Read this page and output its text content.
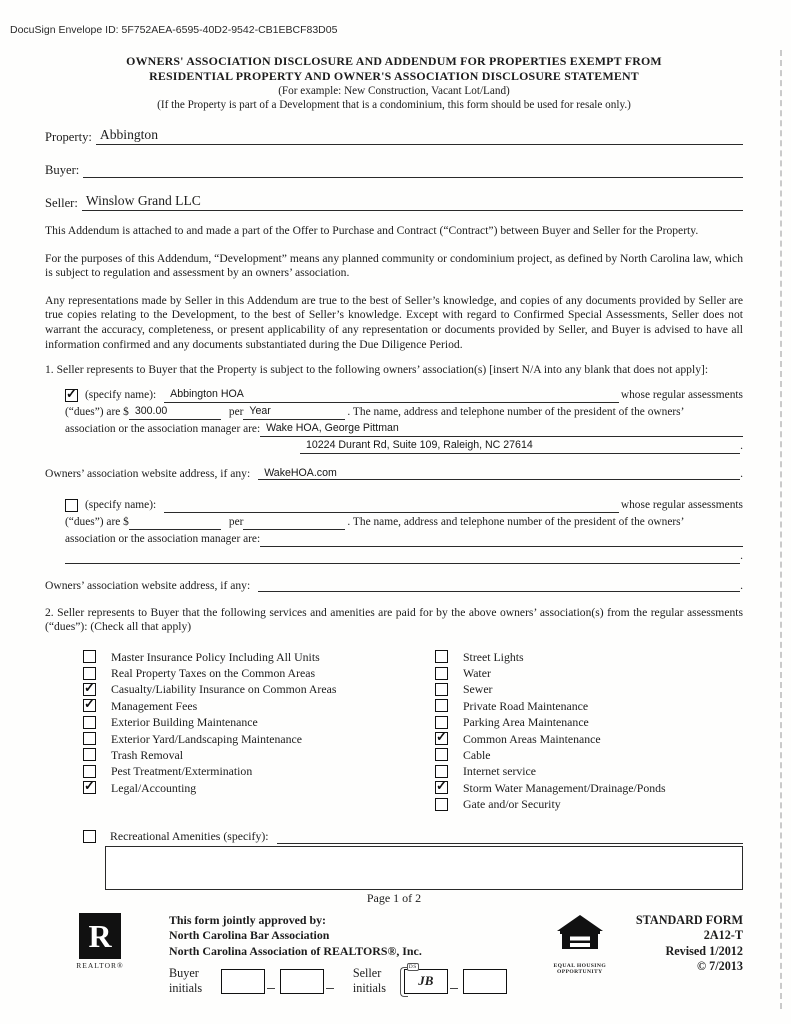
DocuSign Envelope ID: 5F752AEA-6595-40D2-9542-CB1EBCF83D05
OWNERS' ASSOCIATION DISCLOSURE AND ADDENDUM FOR PROPERTIES EXEMPT FROM
RESIDENTIAL PROPERTY AND OWNER'S ASSOCIATION DISCLOSURE STATEMENT
(For example: New Construction, Vacant Lot/Land)
(If the Property is part of a Development that is a condominium, this form should be used for resale only.)
Property: Abbington
Buyer:
Seller: Winslow Grand LLC
This Addendum is attached to and made a part of the Offer to Purchase and Contract (“Contract”) between Buyer and Seller for the Property.
For the purposes of this Addendum, “Development” means any planned community or condominium project, as defined by North Carolina law, which is subject to regulation and assessment by an owners’ association.
Any representations made by Seller in this Addendum are true to the best of Seller’s knowledge, and copies of any documents provided by Seller are true copies relating to the Development, to the best of Seller’s knowledge. Except with regard to Confirmed Special Assessments, Seller does not warrant the accuracy, completeness, or present applicability of any representation or documents provided by Seller, and Buyer is advised to have all information confirmed and any documents substantiated during the Due Diligence Period.
1. Seller represents to Buyer that the Property is subject to the following owners’ association(s) [insert N/A into any blank that does not apply]:
✓
(specify name):	Abbington HOA	whose regular assessments
(“dues”) are $ 300.00	per Year	. The name, address and telephone number of the president of the owners’
association or the association manager are: Wake HOA, George Pittman
10224 Durant Rd, Suite 109, Raleigh, NC 27614	.
Owners’ association website address, if any:	WakeHOA.com	.
(specify name):	whose regular assessments
(“dues”) are $	per	. The name, address and telephone number of the president of the owners’
association or the association manager are:
.
Owners’ association website address, if any:	.
2. Seller represents to Buyer that the following services and amenities are paid for by the above owners’ association(s) from the regular assessments (“dues”): (Check all that apply)
Master Insurance Policy Including All Units
Real Property Taxes on the Common Areas
✓
Casualty/Liability Insurance on Common Areas
✓
Management Fees
Exterior Building Maintenance
Exterior Yard/Landscaping Maintenance
Trash Removal
Pest Treatment/Extermination
✓
Legal/Accounting
Street Lights
Water
Sewer
Private Road Maintenance
Parking Area Maintenance
✓
Common Areas Maintenance
Cable
Internet service
✓
Storm Water Management/Drainage/Ponds
Gate and/or Security
Recreational Amenities (specify):
Page 1 of 2
R
REALTOR®
This form jointly approved by:
North Carolina Bar Association
North Carolina Association of REALTORS®, Inc.
Buyer initials
Seller initials
DS
JB
EQUAL HOUSING
OPPORTUNITY
STANDARD FORM 2A12-T
Revised 1/2012
© 7/2013
